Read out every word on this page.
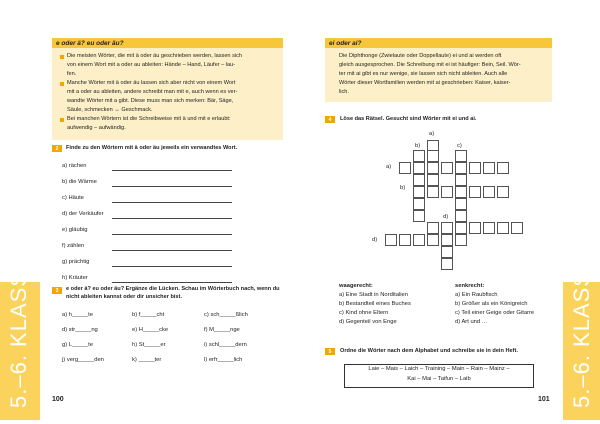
5.–6. KLASSE
e oder ä? eu oder äu?
Die meisten Wörter, die mit ä oder äu geschrieben werden, lassen sich
von einem Wort mit a oder au ableiten: Hände – Hand, Läufer – lau-
fen.
Manche Wörter mit ä oder äu lassen sich aber nicht von einem Wort
mit a oder au ableiten, andere schreibt man mit e, auch wenn es ver-
wandte Wörter mit a gibt. Diese muss man sich merken: Bär, Säge,
Säule, schmecken ↔ Geschmack.
Bei manchen Wörtern ist die Schreibweise mit ä und mit e erlaubt:
aufwendig – aufwändig.
2	Finde zu den Wörtern mit ä oder äu jeweils ein verwandtes Wort.
a) rächen
b) die Wärme
c) Häute
d) der Verkäufer
e) gläubig
f) zählen
g) prächtig
h) Kräuter
3	e oder ä? eu oder äu? Ergänze die Lücken. Schau im Wörterbuch nach, wenn du
nicht ableiten kannst oder dir unsicher bist.
a) h_____te	b) f_____cht	c) sch_____ßlich
d) str_____ng	e) H_____cke	f) M_____nge
g) L_____te	h) St_____er	i) schl_____dern
j) verg_____den	k) _____ter	l) erfr_____lich
100	5.–6. KLASSE
ei oder ai?
Die Diphthonge (Zwielaute oder Doppellaute) ei und ai werden oft
gleich ausgesprochen. Die Schreibung mit ei ist häufiger: Bein, Seil. Wör-
ter mit ai gibt es nur wenige, sie lassen sich nicht ableiten. Auch alle
Wörter dieser Wortfamilien werden mit ai geschrieben: Kaiser, kaiser-
lich.
4	Löse das Rätsel. Gesucht sind Wörter mit ei und ai.
a)
b)	c)
a)
b)
d)
d)
waagerecht:
a) Eine Stadt in Norditalien
b) Bestandteil eines Buches
c) Kind ohne Eltern
d) Gegenteil von Enge
senkrecht:
a) Ein Raubfisch
b) Größer als ein Königreich
c) Teil einer Geige oder Gitarre
d) Art und …
5	Ordne die Wörter nach dem Alphabet und schreibe sie in dein Heft.
Laie – Mais – Laich – Training – Main – Rain – Mainz –
Kai – Mai – Taifun – Laib
101
